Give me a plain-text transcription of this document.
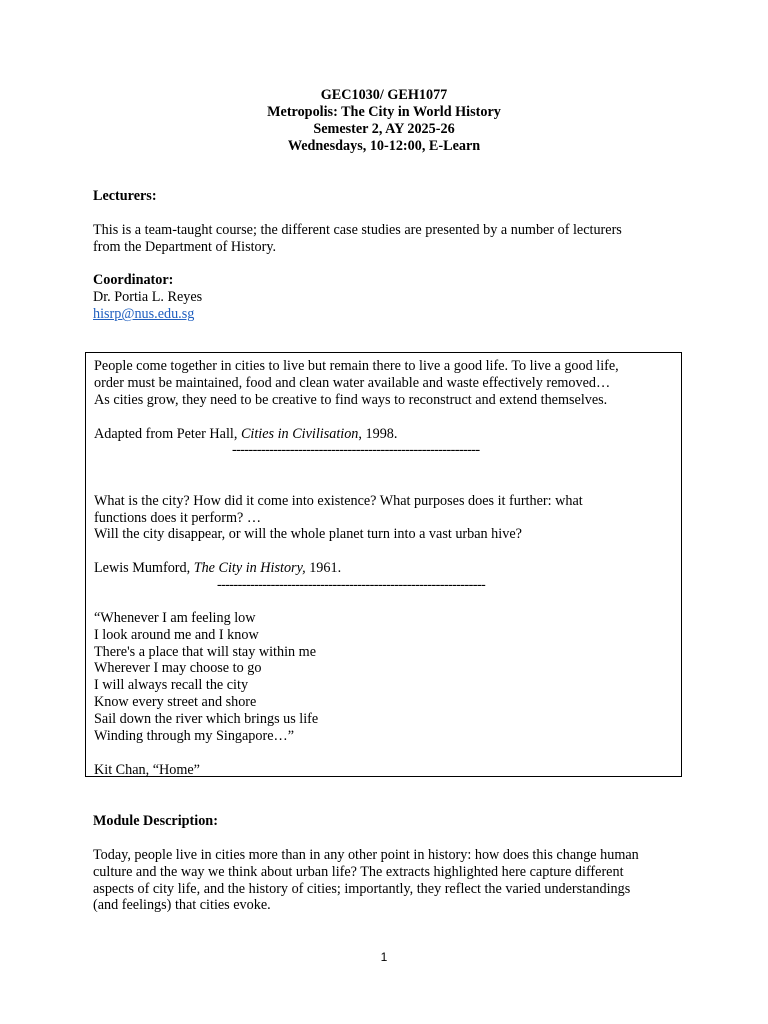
GEC1030/ GEH1077
Metropolis: The City in World History
Semester 2, AY 2025-26
Wednesdays, 10-12:00, E-Learn
Lecturers:
This is a team-taught course; the different case studies are presented by a number of lecturers
from the Department of History.
Coordinator:
Dr. Portia L. Reyes
hisrp@nus.edu.sg
People come together in cities to live but remain there to live a good life. To live a good life,
order must be maintained, food and clean water available and waste effectively removed…
As cities grow, they need to be creative to find ways to reconstruct and extend themselves.
Adapted from Peter Hall, Cities in Civilisation, 1998.
------------------------------------------------------------
What is the city? How did it come into existence? What purposes does it further: what
functions does it perform? …
Will the city disappear, or will the whole planet turn into a vast urban hive?
Lewis Mumford, The City in History, 1961.
-----------------------------------------------------------------
“Whenever I am feeling low
I look around me and I know
There's a place that will stay within me
Wherever I may choose to go
I will always recall the city
Know every street and shore
Sail down the river which brings us life
Winding through my Singapore…”
Kit Chan, “Home”
Module Description:
Today, people live in cities more than in any other point in history: how does this change human
culture and the way we think about urban life? The extracts highlighted here capture different
aspects of city life, and the history of cities; importantly, they reflect the varied understandings
(and feelings) that cities evoke.
1
